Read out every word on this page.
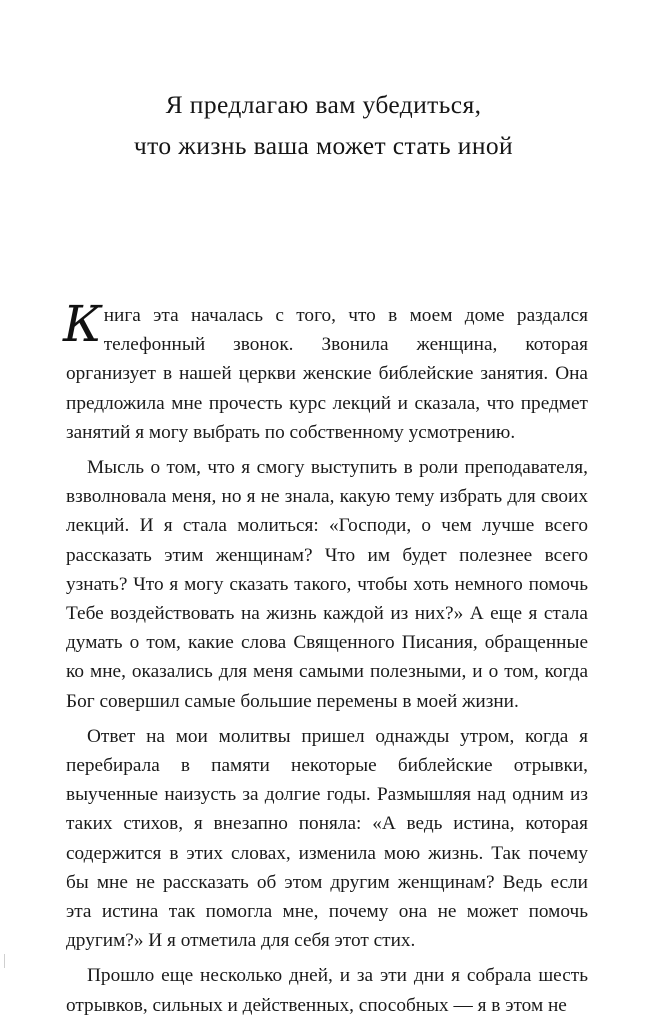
Я предлагаю вам убедиться,
что жизнь ваша может стать иной

Книга эта началась с того, что в моем доме раздался телефонный звонок. Звонила женщина, которая организует в нашей церкви женские библейские занятия. Она предложила мне прочесть курс лекций и сказала, что предмет занятий я могу выбрать по собственному усмотрению.

Мысль о том, что я смогу выступить в роли преподавателя, взволновала меня, но я не знала, какую тему избрать для своих лекций. И я стала молиться: «Господи, о чем лучше всего рассказать этим женщинам? Что им будет полезнее всего узнать? Что я могу сказать такого, чтобы хоть немного помочь Тебе воздействовать на жизнь каждой из них?» А еще я стала думать о том, какие слова Священного Писания, обращенные ко мне, оказались для меня самыми полезными, и о том, когда Бог совершил самые большие перемены в моей жизни.

Ответ на мои молитвы пришел однажды утром, когда я перебирала в памяти некоторые библейские отрывки, выученные наизусть за долгие годы. Размышляя над одним из таких стихов, я внезапно поняла: «А ведь истина, которая содержится в этих словах, изменила мою жизнь. Так почему бы мне не рассказать об этом другим женщинам? Ведь если эта истина так помогла мне, почему она не может помочь другим?» И я отметила для себя этот стих.

Прошло еще несколько дней, и за эти дни я собрала шесть отрывков, сильных и действенных, способных — я в этом не
